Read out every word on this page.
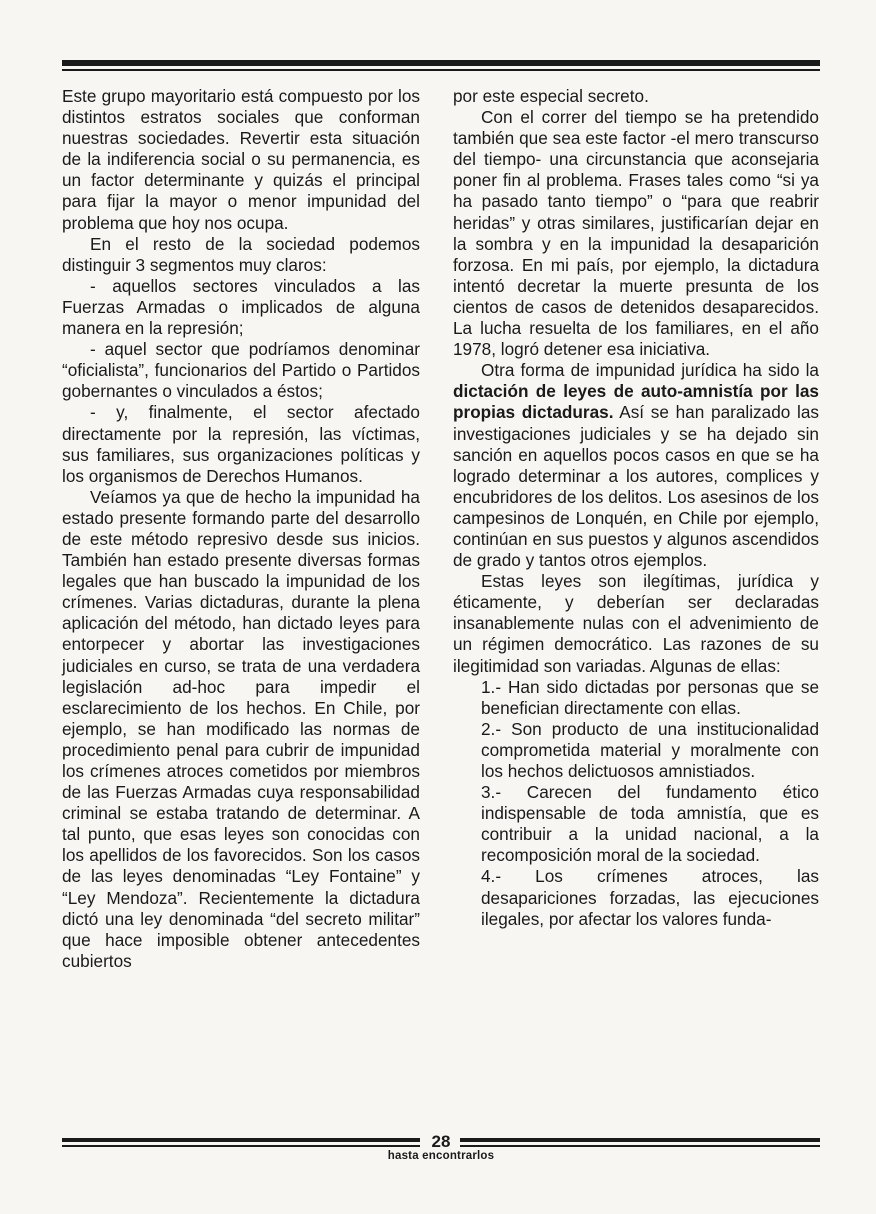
Este grupo mayoritario está compuesto por los distintos estratos sociales que conforman nuestras sociedades. Revertir esta situación de la indiferencia social o su permanencia, es un factor determinante y quizás el principal para fijar la mayor o menor impunidad del problema que hoy nos ocupa.

En el resto de la sociedad podemos distinguir 3 segmentos muy claros:

- aquellos sectores vinculados a las Fuerzas Armadas o implicados de alguna manera en la represión;

- aquel sector que podríamos denominar “oficialista”, funcionarios del Partido o Partidos gobernantes o vinculados a éstos;

- y, finalmente, el sector afectado directamente por la represión, las víctimas, sus familiares, sus organizaciones políticas y los organismos de Derechos Humanos.

Veíamos ya que de hecho la impunidad ha estado presente formando parte del desarrollo de este método represivo desde sus inicios. También han estado presente diversas formas legales que han buscado la impunidad de los crímenes. Varias dictaduras, durante la plena aplicación del método, han dictado leyes para entorpecer y abortar las investigaciones judiciales en curso, se trata de una verdadera legislación ad-hoc para impedir el esclarecimiento de los hechos. En Chile, por ejemplo, se han modificado las normas de procedimiento penal para cubrir de impunidad los crímenes atroces cometidos por miembros de las Fuerzas Armadas cuya responsabilidad criminal se estaba tratando de determinar. A tal punto, que esas leyes son conocidas con los apellidos de los favorecidos. Son los casos de las leyes denominadas “Ley Fontaine” y “Ley Mendoza”. Recientemente la dictadura dictó una ley denominada “del secreto militar” que hace imposible obtener antecedentes cubiertos

por este especial secreto.

Con el correr del tiempo se ha pretendido también que sea este factor -el mero transcurso del tiempo- una circunstancia que aconsejaria poner fin al problema. Frases tales como “si ya ha pasado tanto tiempo” o “para que reabrir heridas” y otras similares, justificarían dejar en la sombra y en la impunidad la desaparición forzosa. En mi país, por ejemplo, la dictadura intentó decretar la muerte presunta de los cientos de casos de detenidos desaparecidos. La lucha resuelta de los familiares, en el año 1978, logró detener esa iniciativa.

Otra forma de impunidad jurídica ha sido la dictación de leyes de auto-amnistía por las propias dictaduras. Así se han paralizado las investigaciones judiciales y se ha dejado sin sanción en aquellos pocos casos en que se ha logrado determinar a los autores, complices y encubridores de los delitos. Los asesinos de los campesinos de Lonquén, en Chile por ejemplo, continúan en sus puestos y algunos ascendidos de grado y tantos otros ejemplos.

Estas leyes son ilegítimas, jurídica y éticamente, y deberían ser declaradas insanablemente nulas con el advenimiento de un régimen democrático. Las razones de su ilegitimidad son variadas. Algunas de ellas:

1.- Han sido dictadas por personas que se benefician directamente con ellas.

2.- Son producto de una institucionalidad comprometida material y moralmente con los hechos delictuosos amnistiados.

3.- Carecen del fundamento ético indispensable de toda amnistía, que es contribuir a la unidad nacional, a la recomposición moral de la sociedad.

4.- Los crímenes atroces, las desapariciones forzadas, las ejecuciones ilegales, por afectar los valores funda-

28
hasta encontrarlos
